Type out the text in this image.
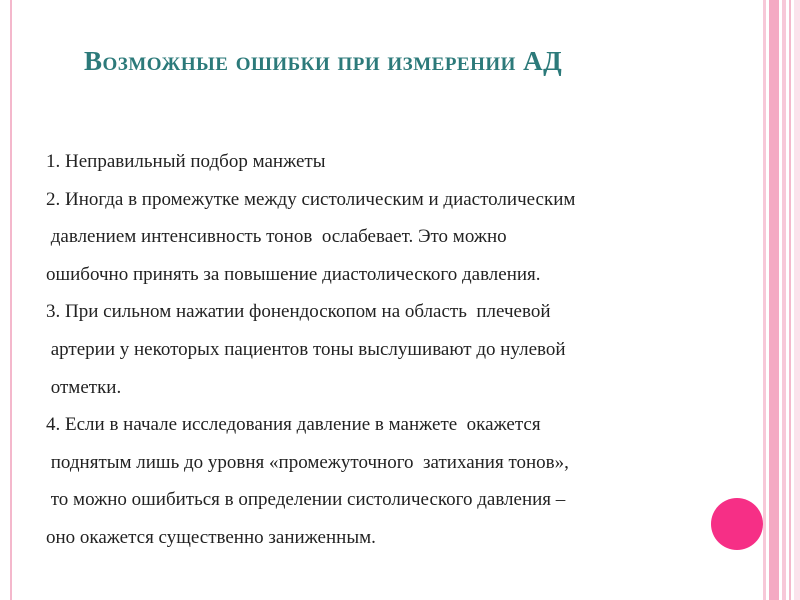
Возможные ошибки при измерении АД
1. Неправильный подбор манжеты
2. Иногда в промежутке между систолическим и диастолическим
давлением интенсивность тонов  ослабевает. Это можно
ошибочно принять за повышение диастолического давления.
3. При сильном нажатии фонендоскопом на область  плечевой
артерии у некоторых пациентов тоны выслушивают до нулевой
отметки.
4. Если в начале исследования давление в манжете  окажется
поднятым лишь до уровня «промежуточного  затихания тонов»,
то можно ошибиться в определении систолического давления –
оно окажется существенно заниженным.
